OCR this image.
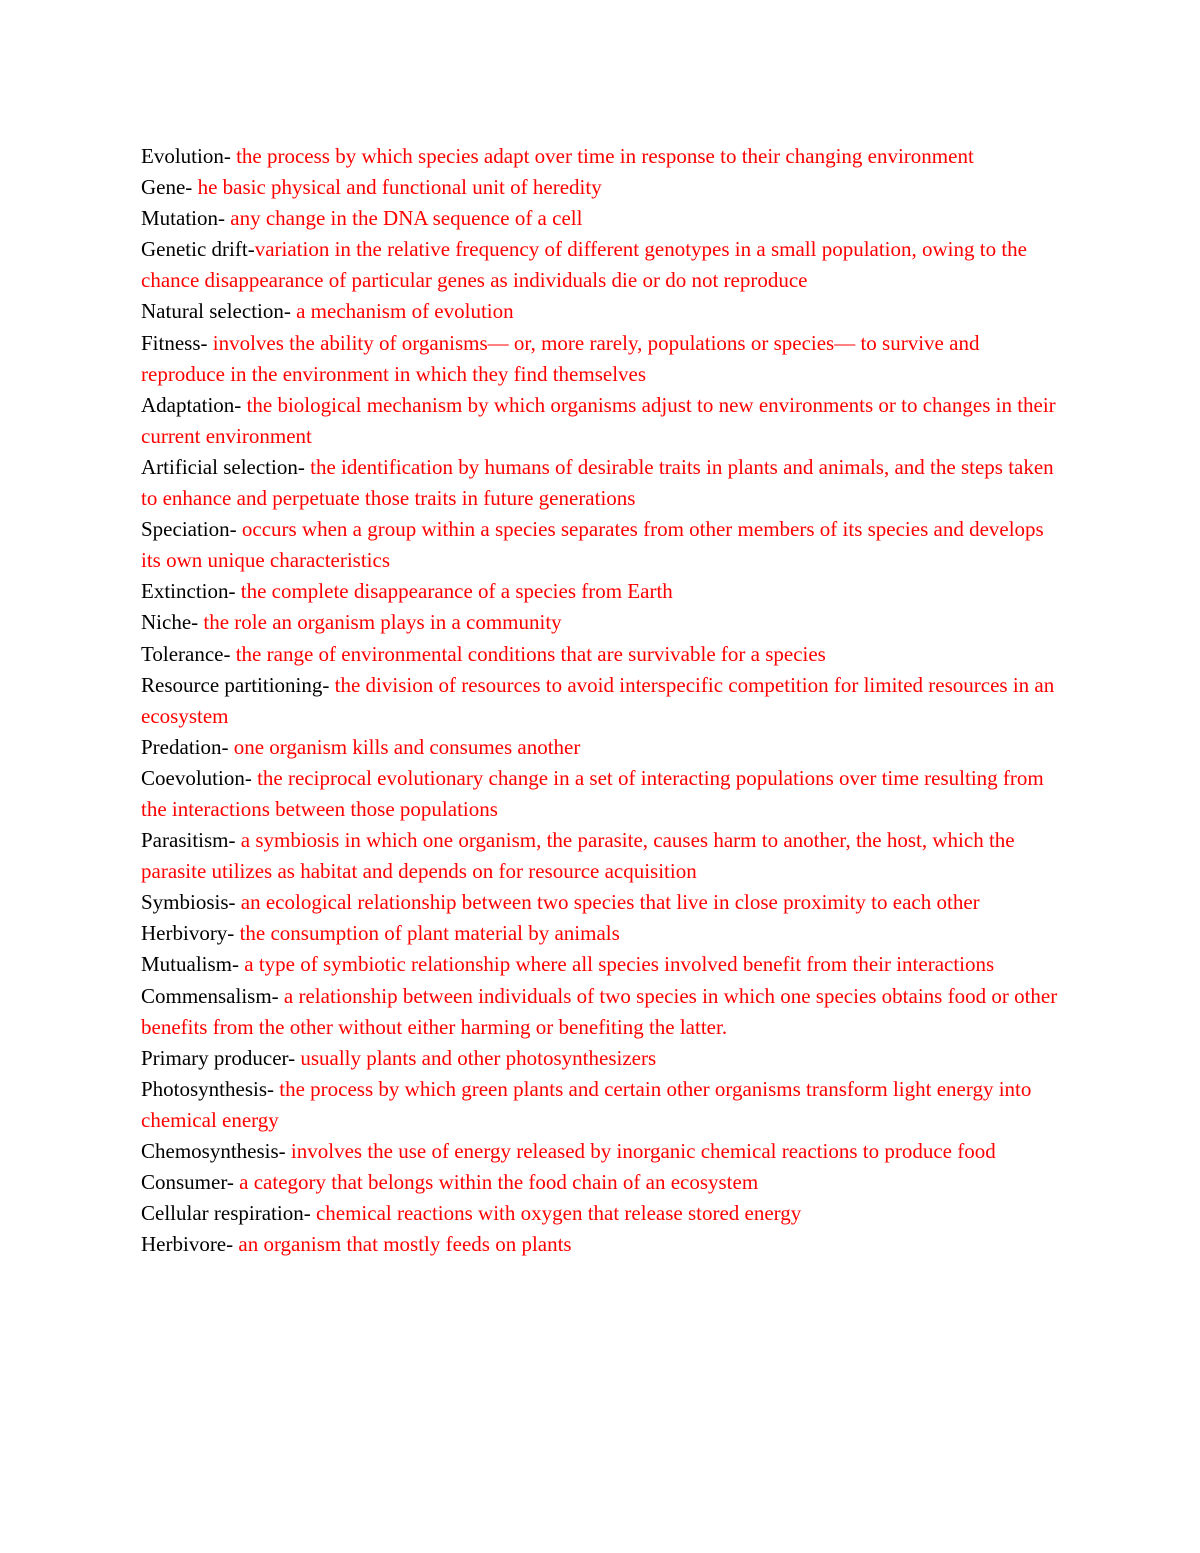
Evolution- the process by which species adapt over time in response to their changing environment

Gene- he basic physical and functional unit of heredity

Mutation- any change in the DNA sequence of a cell

Genetic drift-variation in the relative frequency of different genotypes in a small population, owing to the chance disappearance of particular genes as individuals die or do not reproduce

Natural selection- a mechanism of evolution

Fitness- involves the ability of organisms— or, more rarely, populations or species— to survive and reproduce in the environment in which they find themselves

Adaptation- the biological mechanism by which organisms adjust to new environments or to changes in their current environment

Artificial selection- the identification by humans of desirable traits in plants and animals, and the steps taken to enhance and perpetuate those traits in future generations

Speciation- occurs when a group within a species separates from other members of its species and develops its own unique characteristics

Extinction- the complete disappearance of a species from Earth

Niche- the role an organism plays in a community

Tolerance- the range of environmental conditions that are survivable for a species

Resource partitioning- the division of resources to avoid interspecific competition for limited resources in an ecosystem

Predation- one organism kills and consumes another

Coevolution- the reciprocal evolutionary change in a set of interacting populations over time resulting from the interactions between those populations

Parasitism- a symbiosis in which one organism, the parasite, causes harm to another, the host, which the parasite utilizes as habitat and depends on for resource acquisition

Symbiosis- an ecological relationship between two species that live in close proximity to each other

Herbivory- the consumption of plant material by animals

Mutualism- a type of symbiotic relationship where all species involved benefit from their interactions

Commensalism- a relationship between individuals of two species in which one species obtains food or other benefits from the other without either harming or benefiting the latter.

Primary producer- usually plants and other photosynthesizers

Photosynthesis- the process by which green plants and certain other organisms transform light energy into chemical energy

Chemosynthesis- involves the use of energy released by inorganic chemical reactions to produce food

Consumer- a category that belongs within the food chain of an ecosystem

Cellular respiration- chemical reactions with oxygen that release stored energy

Herbivore- an organism that mostly feeds on plants
